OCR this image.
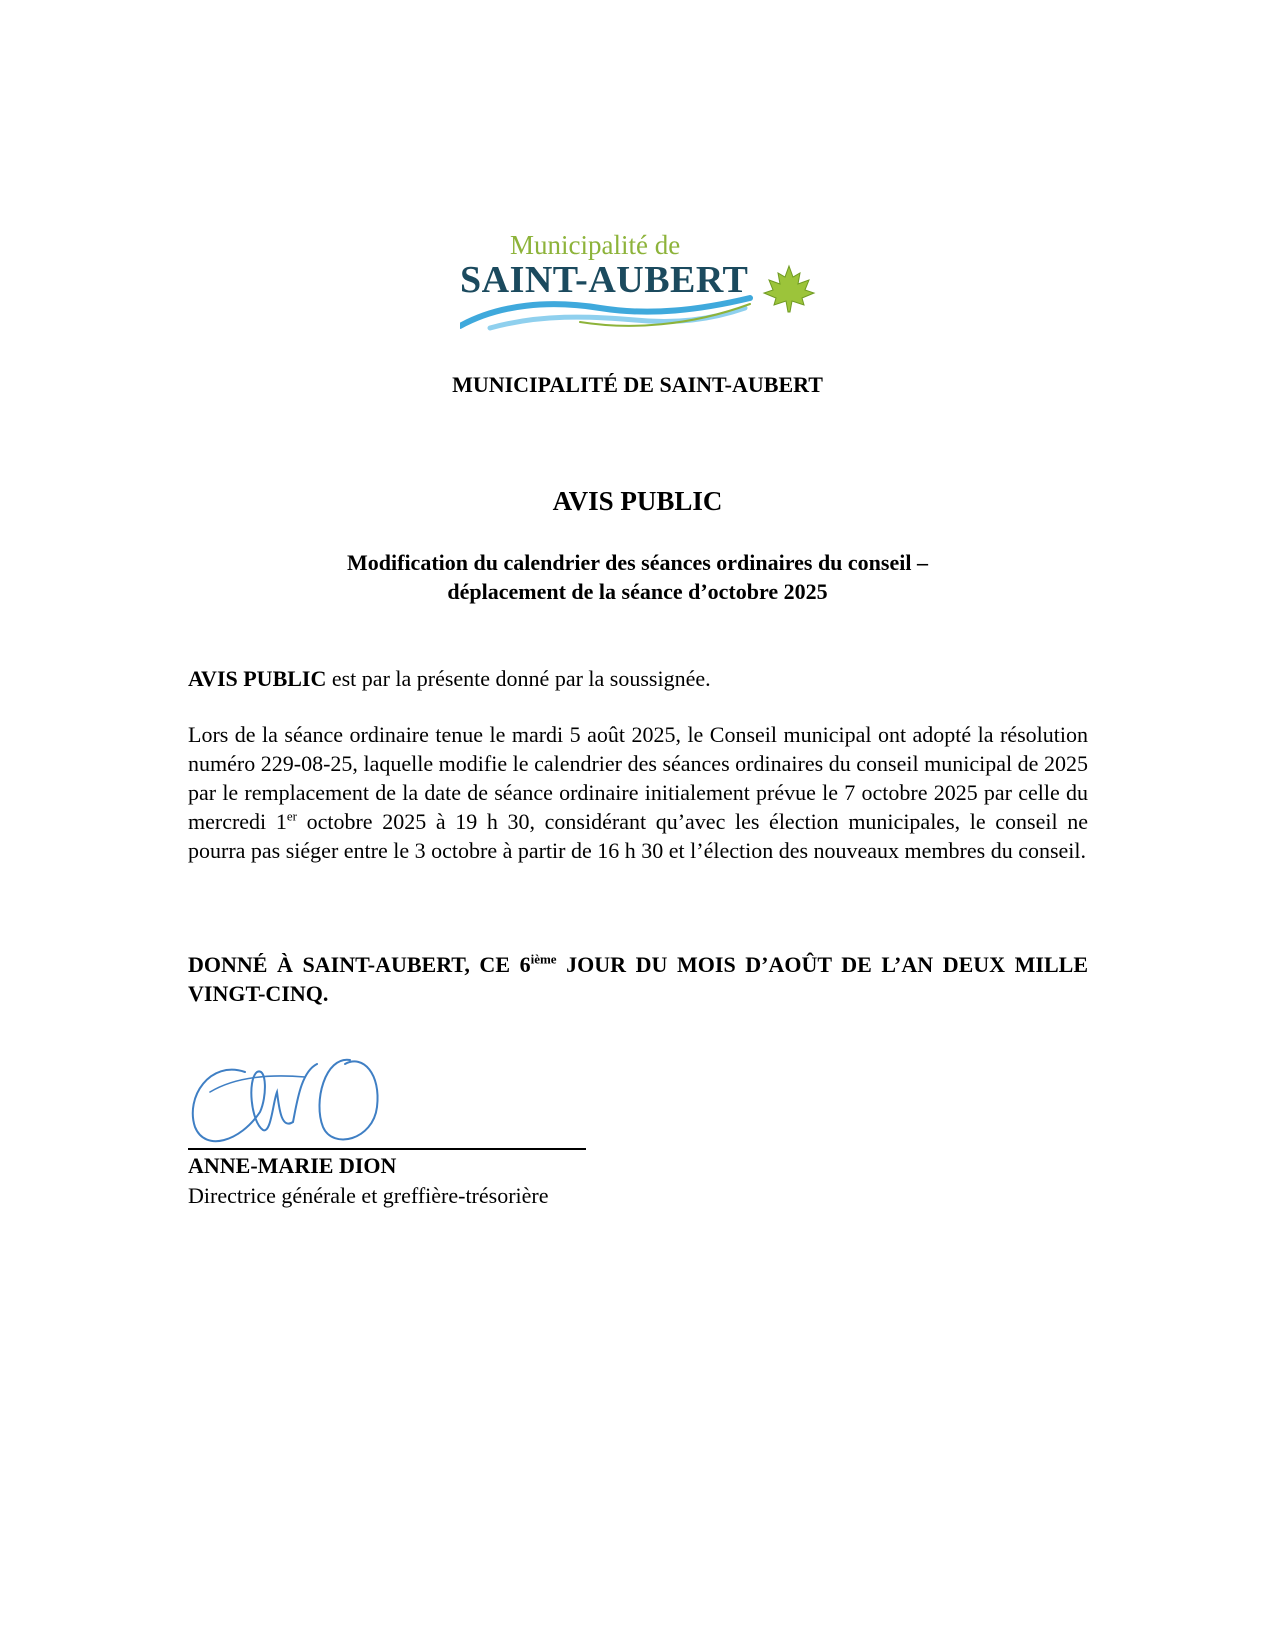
Municipalité de
SAINT-AUBERT
MUNICIPALITÉ DE SAINT-AUBERT
AVIS PUBLIC
Modification du calendrier des séances ordinaires du conseil –
déplacement de la séance d’octobre 2025
AVIS PUBLIC est par la présente donné par la soussignée.
Lors de la séance ordinaire tenue le mardi 5 août 2025, le Conseil municipal ont adopté la résolution numéro 229-08-25, laquelle modifie le calendrier des séances ordinaires du conseil municipal de 2025 par le remplacement de la date de séance ordinaire initialement prévue le 7 octobre 2025 par celle du mercredi 1er octobre 2025 à 19 h 30, considérant qu’avec les élection municipales, le conseil ne pourra pas siéger entre le 3 octobre à partir de 16 h 30 et l’élection des nouveaux membres du conseil.
DONNÉ À SAINT-AUBERT, CE 6ième JOUR DU MOIS D’AOÛT DE L’AN DEUX MILLE VINGT-CINQ.
ANNE-MARIE DION
Directrice générale et greffière-trésorière
